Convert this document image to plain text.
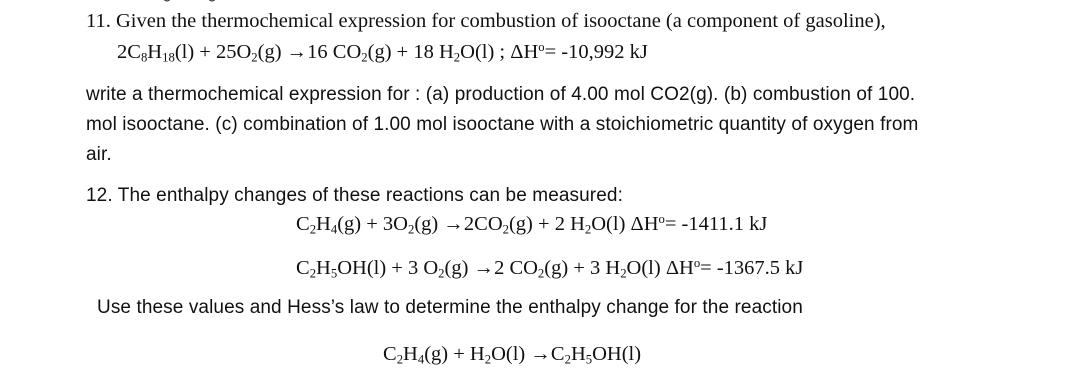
11. Given the thermochemical expression for combustion of isooctane (a component of gasoline),
$2C_8H_{18}(l) + 25O_2(g) \to 16$ $CO_2(g) + 18$ $H_2O(l)$ ; $\Delta H^o= -10,992$ kJ
write a thermochemical expression for : (a) production of 4.00 mol CO2(g). (b) combustion of 100.
mol isooctane. (c) combination of 1.00 mol isooctane with a stoichiometric quantity of oxygen from
air.
12. The enthalpy changes of these reactions can be measured:
$C_2H_4(g) + 3O_2(g) \to 2CO_2(g) + 2$ $H_2O(l)$ $\Delta H^o= -1411.1$ kJ
$C_2H_5OH(l) + 3$ $O_2(g) \to 2$ $CO_2(g) + 3$ $H_2O(l)$ $\Delta H^o= -1367.5$ kJ
Use these values and Hess’s law to determine the enthalpy change for the reaction
$C_2H_4(g) + H_2O(l) \to C_2H_5OH(l)$
